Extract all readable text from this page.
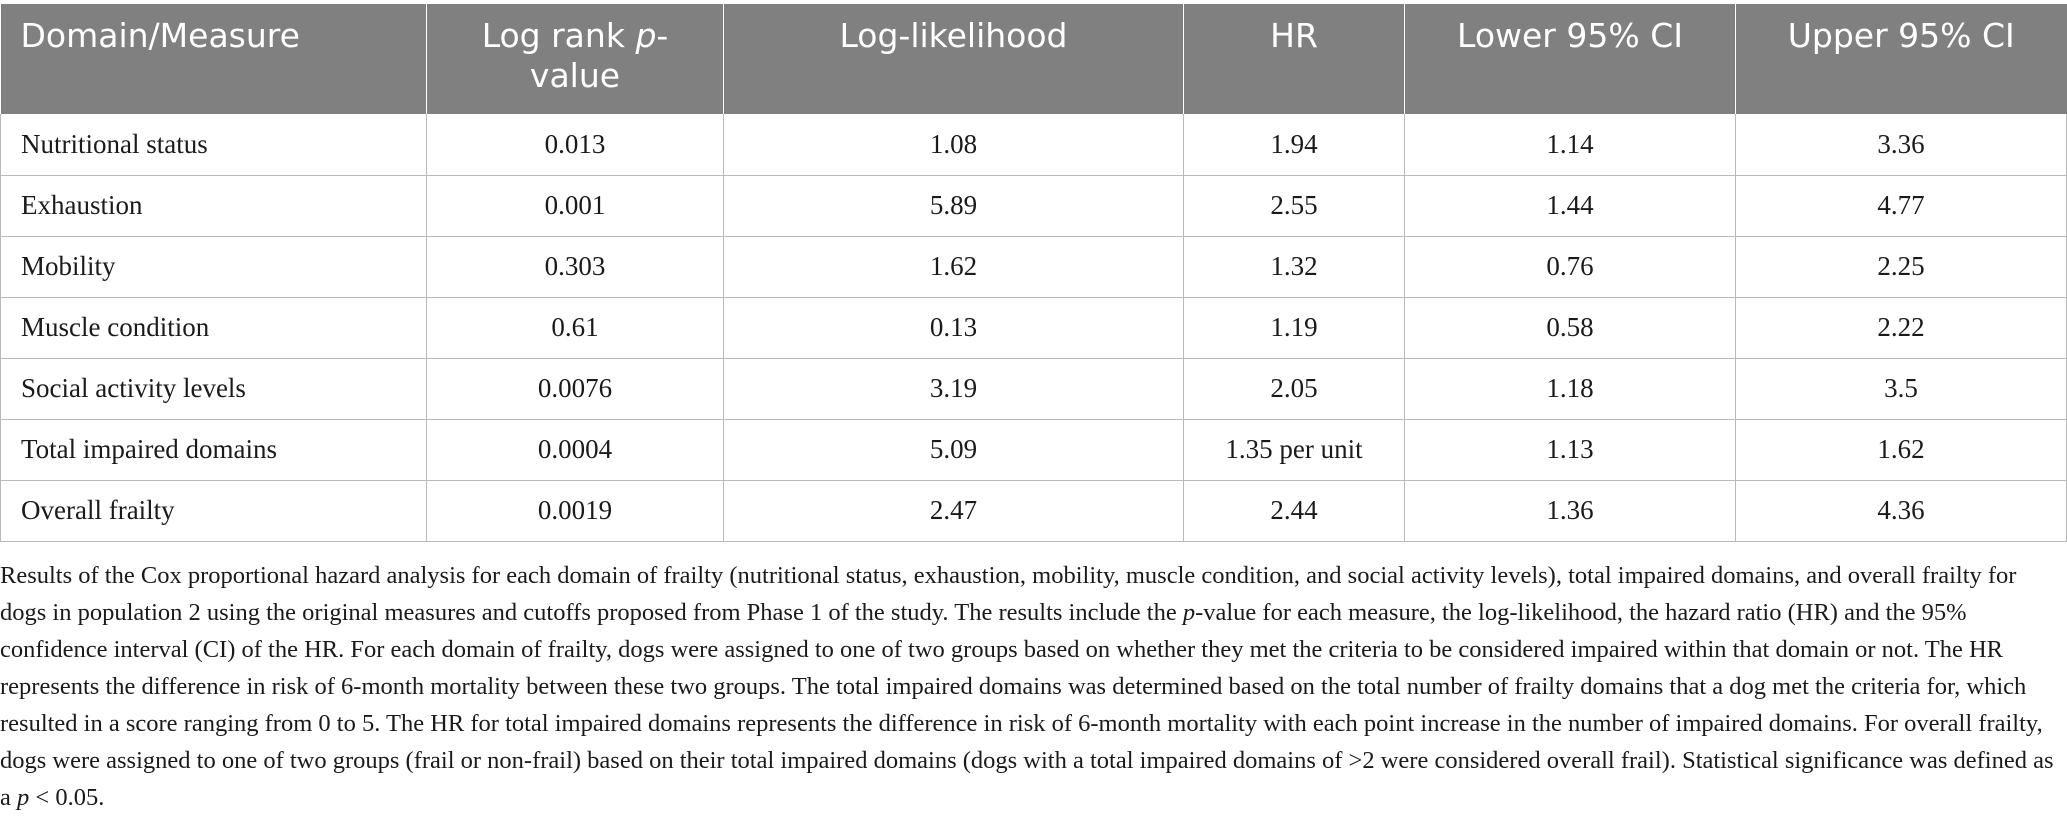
Domain/Measure	Log rank p-value	Log-likelihood	HR	Lower 95% CI	Upper 95% CI
Nutritional status	0.013	1.08	1.94	1.14	3.36
Exhaustion	0.001	5.89	2.55	1.44	4.77
Mobility	0.303	1.62	1.32	0.76	2.25
Muscle condition	0.61	0.13	1.19	0.58	2.22
Social activity levels	0.0076	3.19	2.05	1.18	3.5
Total impaired domains	0.0004	5.09	1.35 per unit	1.13	1.62
Overall frailty	0.0019	2.47	2.44	1.36	4.36

Results of the Cox proportional hazard analysis for each domain of frailty (nutritional status, exhaustion, mobility, muscle condition, and social activity levels), total impaired domains, and overall frailty for dogs in population 2 using the original measures and cutoffs proposed from Phase 1 of the study. The results include the p-value for each measure, the log-likelihood, the hazard ratio (HR) and the 95% confidence interval (CI) of the HR. For each domain of frailty, dogs were assigned to one of two groups based on whether they met the criteria to be considered impaired within that domain or not. The HR represents the difference in risk of 6-month mortality between these two groups. The total impaired domains was determined based on the total number of frailty domains that a dog met the criteria for, which resulted in a score ranging from 0 to 5. The HR for total impaired domains represents the difference in risk of 6-month mortality with each point increase in the number of impaired domains. For overall frailty, dogs were assigned to one of two groups (frail or non-frail) based on their total impaired domains (dogs with a total impaired domains of >2 were considered overall frail). Statistical significance was defined as a p < 0.05.
